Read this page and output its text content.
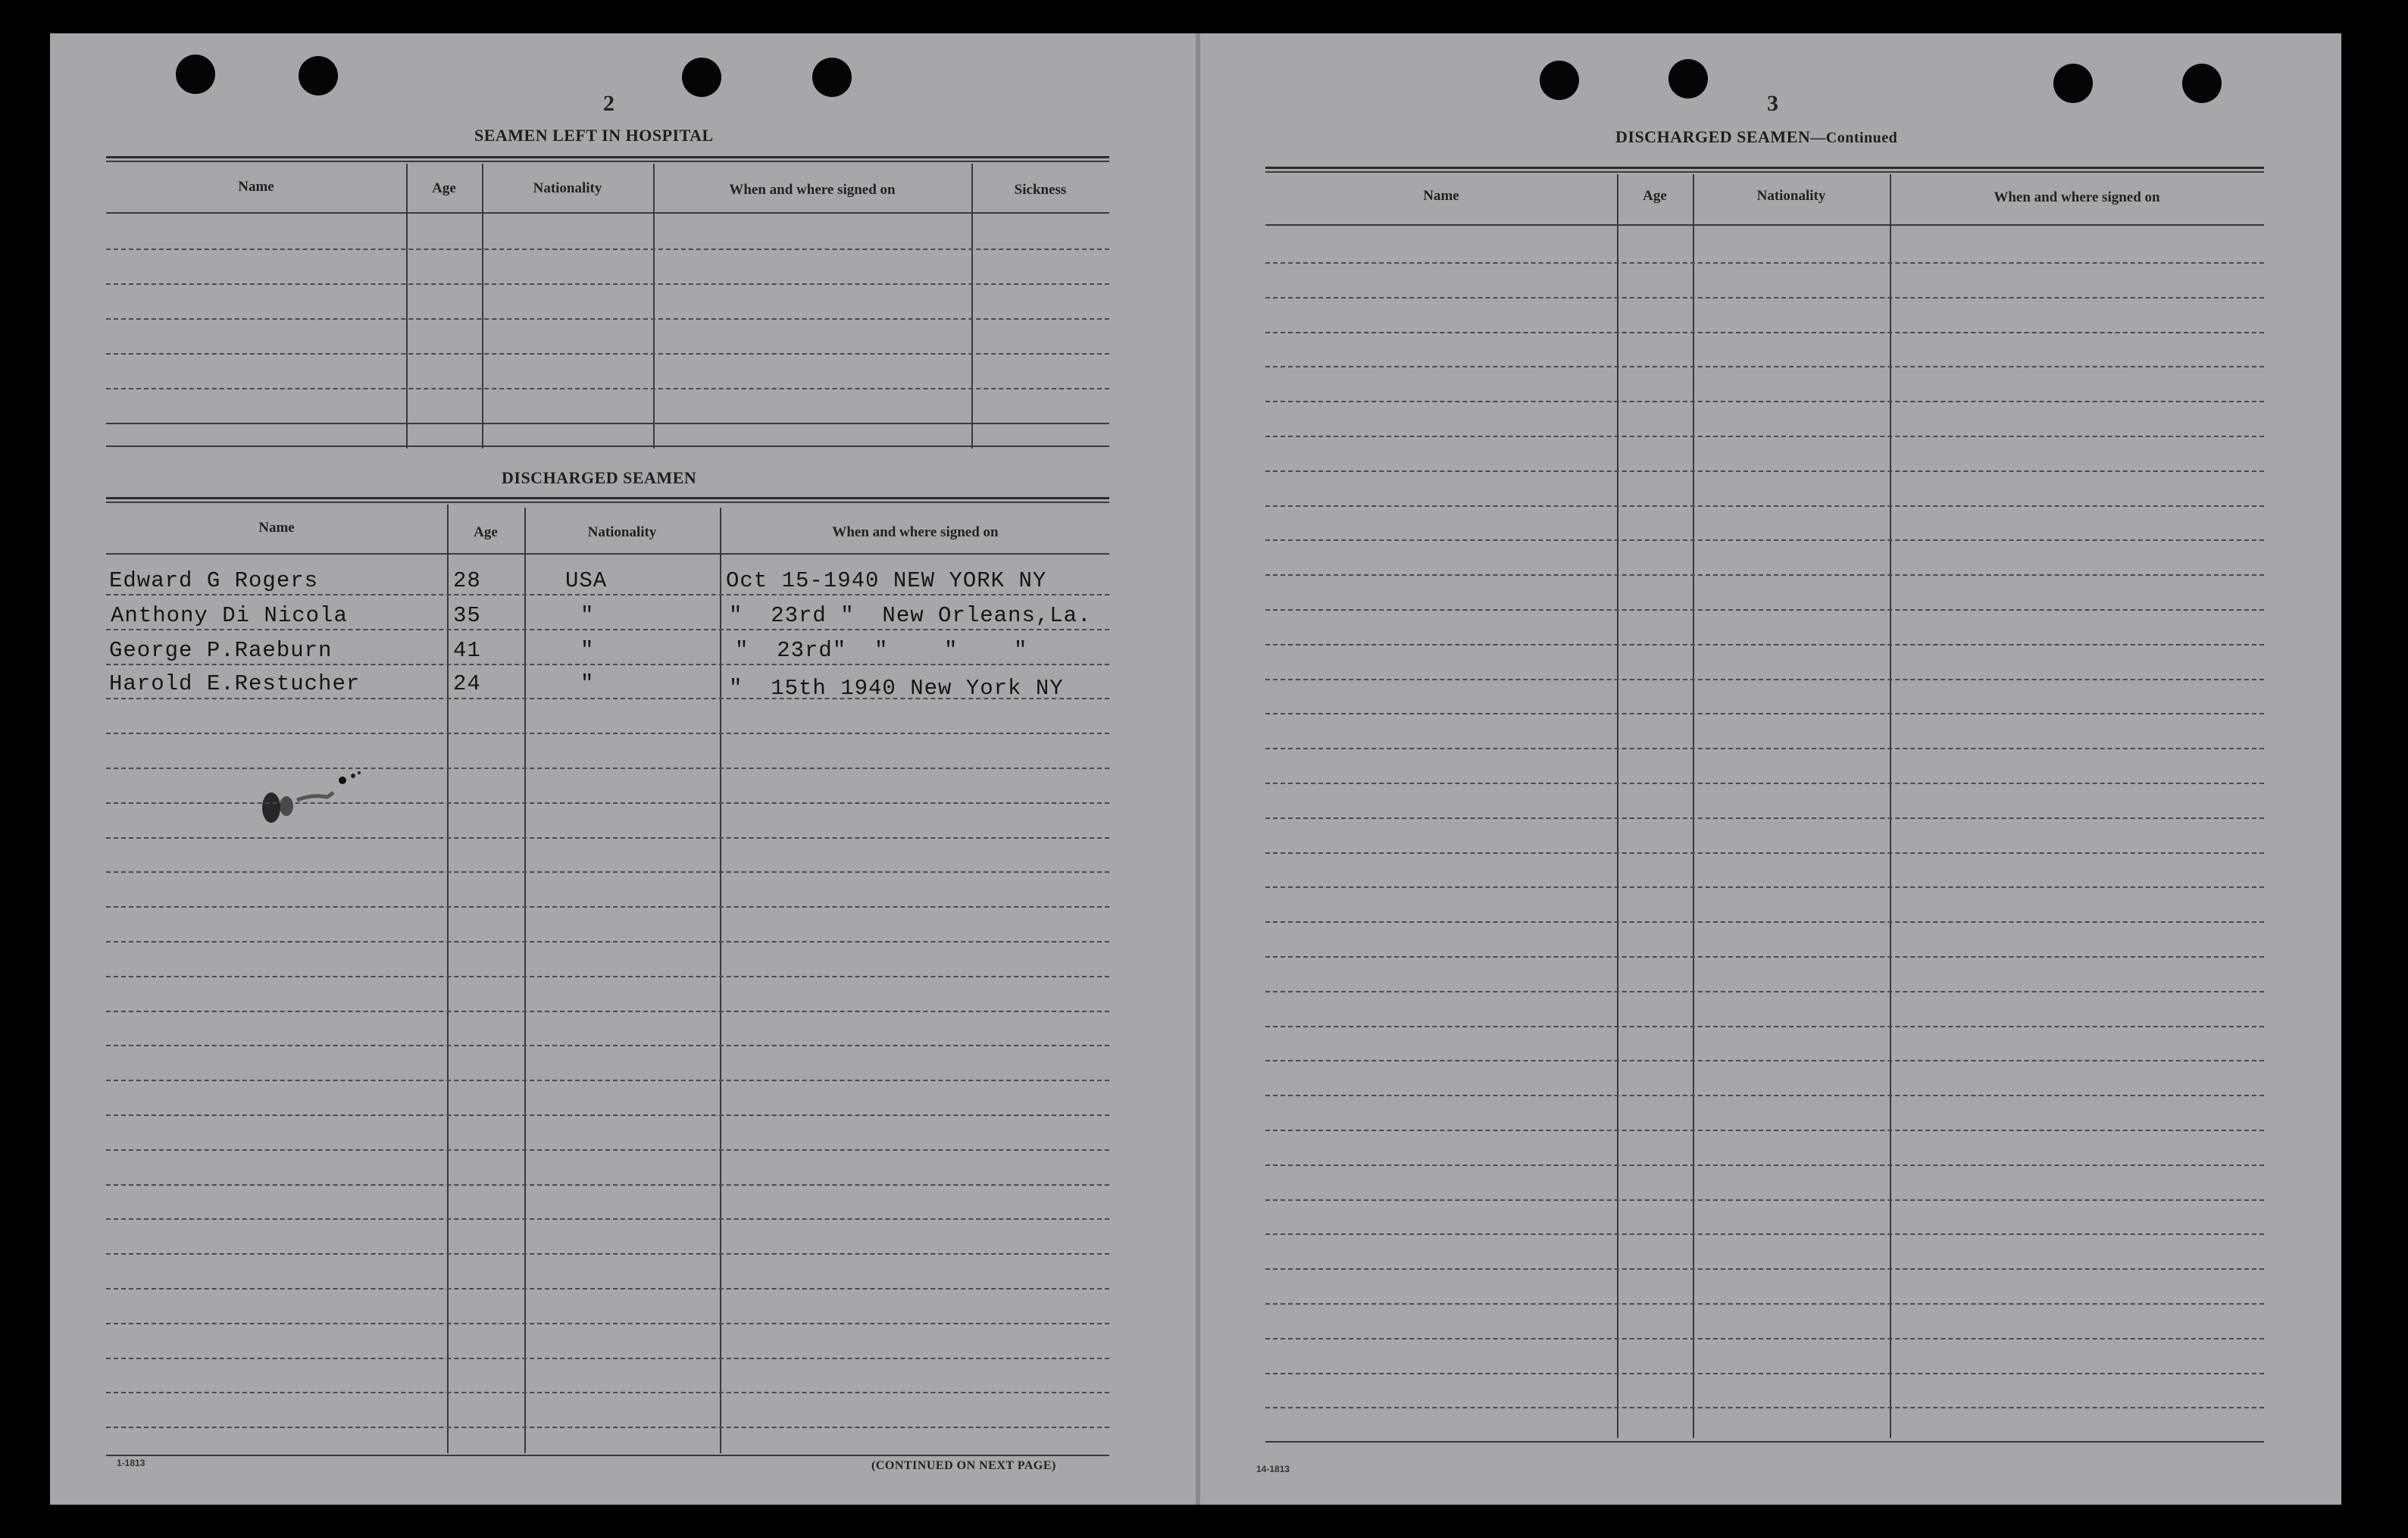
2
SEAMEN LEFT IN HOSPITAL
Name	Age	Nationality	When and where signed on	Sickness
DISCHARGED SEAMEN
Name	Age	Nationality	When and where signed on
Edward G Rogers	28	USA	Oct 15-1940 NEW YORK NY
Anthony Di Nicola	35	"	"  23rd "  New Orleans,La.
George P.Raeburn	41	"	"  23rd"  "    "    "
Harold E.Restucher	24	"	"  15th 1940 New York NY
1-1813	(CONTINUED ON NEXT PAGE)
3
DISCHARGED SEAMEN—Continued
Name	Age	Nationality	When and where signed on
14-1813
